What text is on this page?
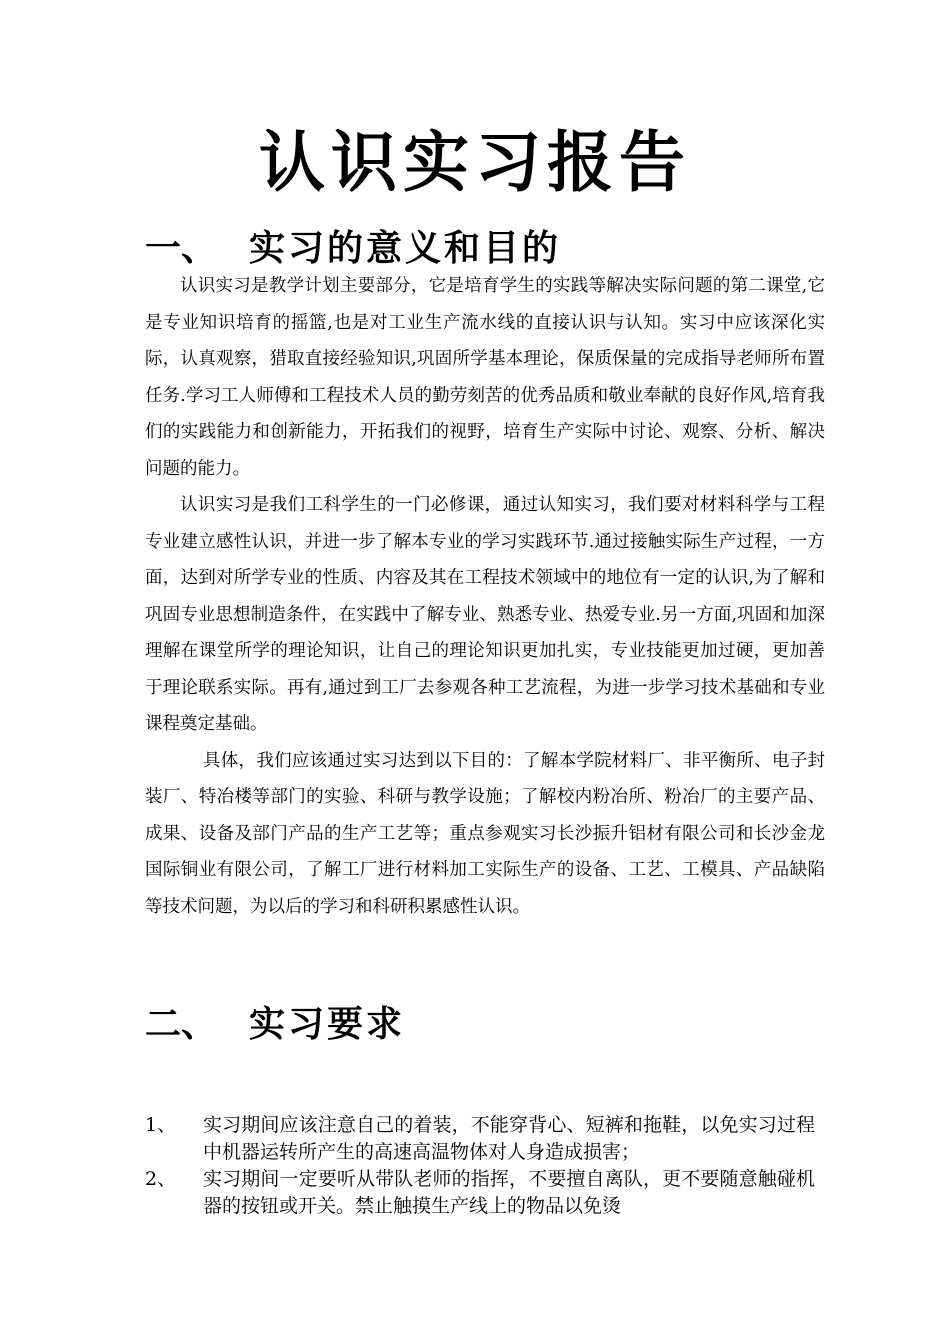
认识实习报告
一、 实习的意义和目的

认识实习是教学计划主要部分，它是培育学生的实践等解决实际问题的第二课堂,它是专业知识培育的摇篮,也是对工业生产流水线的直接认识与认知。实习中应该深化实际，认真观察，猎取直接经验知识,巩固所学基本理论，保质保量的完成指导老师所布置任务.学习工人师傅和工程技术人员的勤劳刻苦的优秀品质和敬业奉献的良好作风,培育我们的实践能力和创新能力，开拓我们的视野，培育生产实际中讨论、观察、分析、解决问题的能力。

认识实习是我们工科学生的一门必修课，通过认知实习，我们要对材料科学与工程专业建立感性认识，并进一步了解本专业的学习实践环节.通过接触实际生产过程，一方面，达到对所学专业的性质、内容及其在工程技术领域中的地位有一定的认识,为了解和巩固专业思想制造条件，在实践中了解专业、熟悉专业、热爱专业.另一方面,巩固和加深理解在课堂所学的理论知识，让自己的理论知识更加扎实，专业技能更加过硬，更加善于理论联系实际。再有,通过到工厂去参观各种工艺流程，为进一步学习技术基础和专业课程奠定基础。

具体，我们应该通过实习达到以下目的：了解本学院材料厂、非平衡所、电子封装厂、特冶楼等部门的实验、科研与教学设施；了解校内粉冶所、粉冶厂的主要产品、成果、设备及部门产品的生产工艺等；重点参观实习长沙振升铝材有限公司和长沙金龙国际铜业有限公司，了解工厂进行材料加工实际生产的设备、工艺、工模具、产品缺陷等技术问题，为以后的学习和科研积累感性认识。

二、 实习要求
1、 实习期间应该注意自己的着装，不能穿背心、短裤和拖鞋，以免实习过程中机器运转所产生的高速高温物体对人身造成损害；
2、 实习期间一定要听从带队老师的指挥，不要擅自离队，更不要随意触碰机器的按钮或开关。禁止触摸生产线上的物品以免烫
